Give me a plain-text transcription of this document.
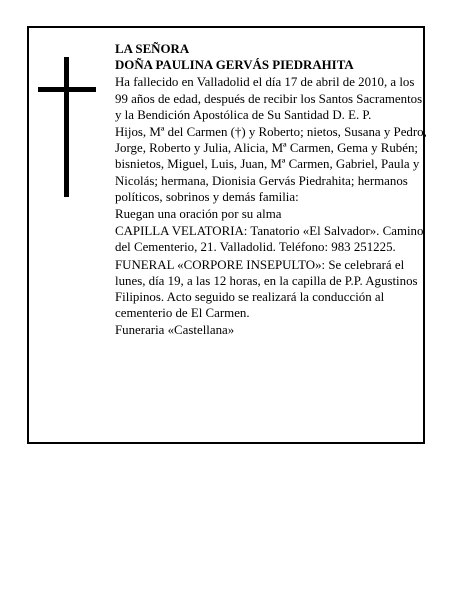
LA SEÑORA

DOÑA PAULINA GERVÁS PIEDRAHITA

Ha fallecido en Valladolid el día 17 de abril de 2010, a los 99 años de edad, después de recibir los Santos Sacramentos y la Bendición Apostólica de Su Santidad D. E. P.

Hijos, Mª del Carmen (†) y Roberto; nietos, Susana y Pedro, Jorge, Roberto y Julia, Alicia, Mª Carmen, Gema y Rubén; bisnietos, Miguel, Luis, Juan, Mª Carmen, Gabriel, Paula y Nicolás; hermana, Dionisia Gervás Piedrahita; hermanos políticos, sobrinos y demás familia:

Ruegan una oración por su alma

CAPILLA VELATORIA: Tanatorio «El Salvador». Camino del Cementerio, 21. Valladolid. Teléfono: 983 251225.

FUNERAL «CORPORE INSEPULTO»: Se celebrará el lunes, día 19, a las 12 horas, en la capilla de P.P. Agustinos Filipinos. Acto seguido se realizará la conducción al cementerio de El Carmen.

Funeraria «Castellana»
